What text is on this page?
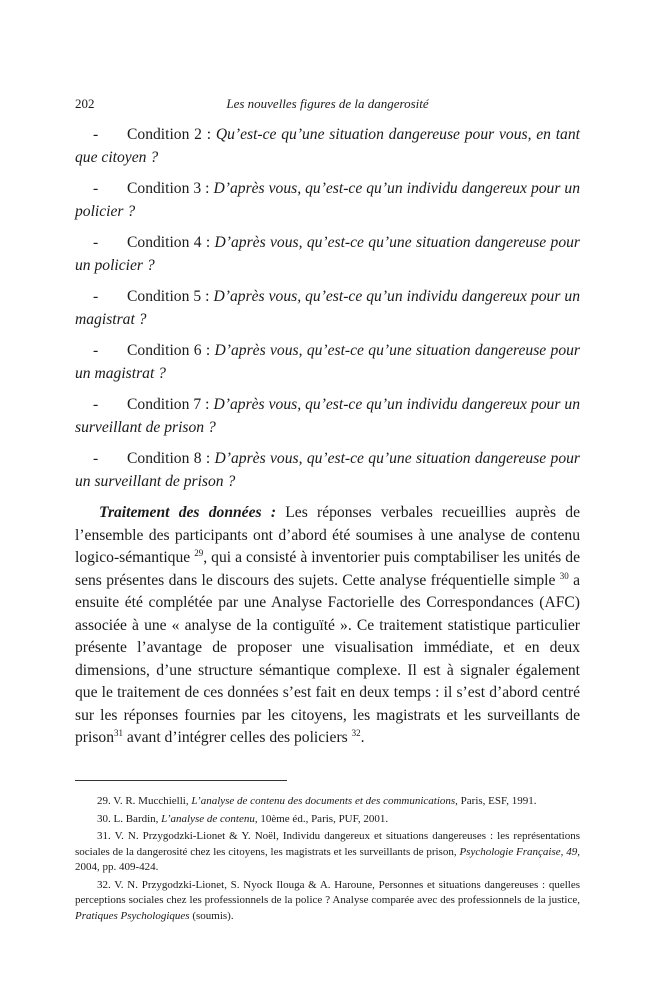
202	Les nouvelles figures de la dangerosité

- Condition 2 : Qu’est-ce qu’une situation dangereuse pour vous, en tant que citoyen ?

- Condition 3 : D’après vous, qu’est-ce qu’un individu dangereux pour un policier ?

- Condition 4 : D’après vous, qu’est-ce qu’une situation dangereuse pour un policier ?

- Condition 5 : D’après vous, qu’est-ce qu’un individu dangereux pour un magistrat ?

- Condition 6 : D’après vous, qu’est-ce qu’une situation dangereuse pour un magistrat ?

- Condition 7 : D’après vous, qu’est-ce qu’un individu dangereux pour un surveillant de prison ?

- Condition 8 : D’après vous, qu’est-ce qu’une situation dangereuse pour un surveillant de prison ?

Traitement des données : Les réponses verbales recueillies auprès de l’ensemble des participants ont d’abord été soumises à une analyse de contenu logico-sémantique $^{29}$, qui a consisté à inventorier puis comptabiliser les unités de sens présentes dans le discours des sujets. Cette analyse fréquentielle simple $^{30}$ a ensuite été complétée par une Analyse Factorielle des Correspondances (AFC) associée à une « analyse de la contiguïté ». Ce traitement statistique particulier présente l’avantage de proposer une visualisation immédiate, et en deux dimensions, d’une structure sémantique complexe. Il est à signaler également que le traitement de ces données s’est fait en deux temps : il s’est d’abord centré sur les réponses fournies par les citoyens, les magistrats et les surveillants de prison$^{31}$ avant d’intégrer celles des policiers $^{32}$.

29. V. R. Mucchielli, L’analyse de contenu des documents et des communications, Paris, ESF, 1991.

30. L. Bardin, L’analyse de contenu, 10ème éd., Paris, PUF, 2001.

31. V. N. Przygodzki-Lionet & Y. Noël, Individu dangereux et situations dangereuses : les représentations sociales de la dangerosité chez les citoyens, les magistrats et les surveillants de prison, Psychologie Française, 49, 2004, pp. 409-424.

32. V. N. Przygodzki-Lionet, S. Nyock Ilouga & A. Haroune, Personnes et situations dangereuses : quelles perceptions sociales chez les professionnels de la police ? Analyse comparée avec des professionnels de la justice, Pratiques Psychologiques (soumis).
